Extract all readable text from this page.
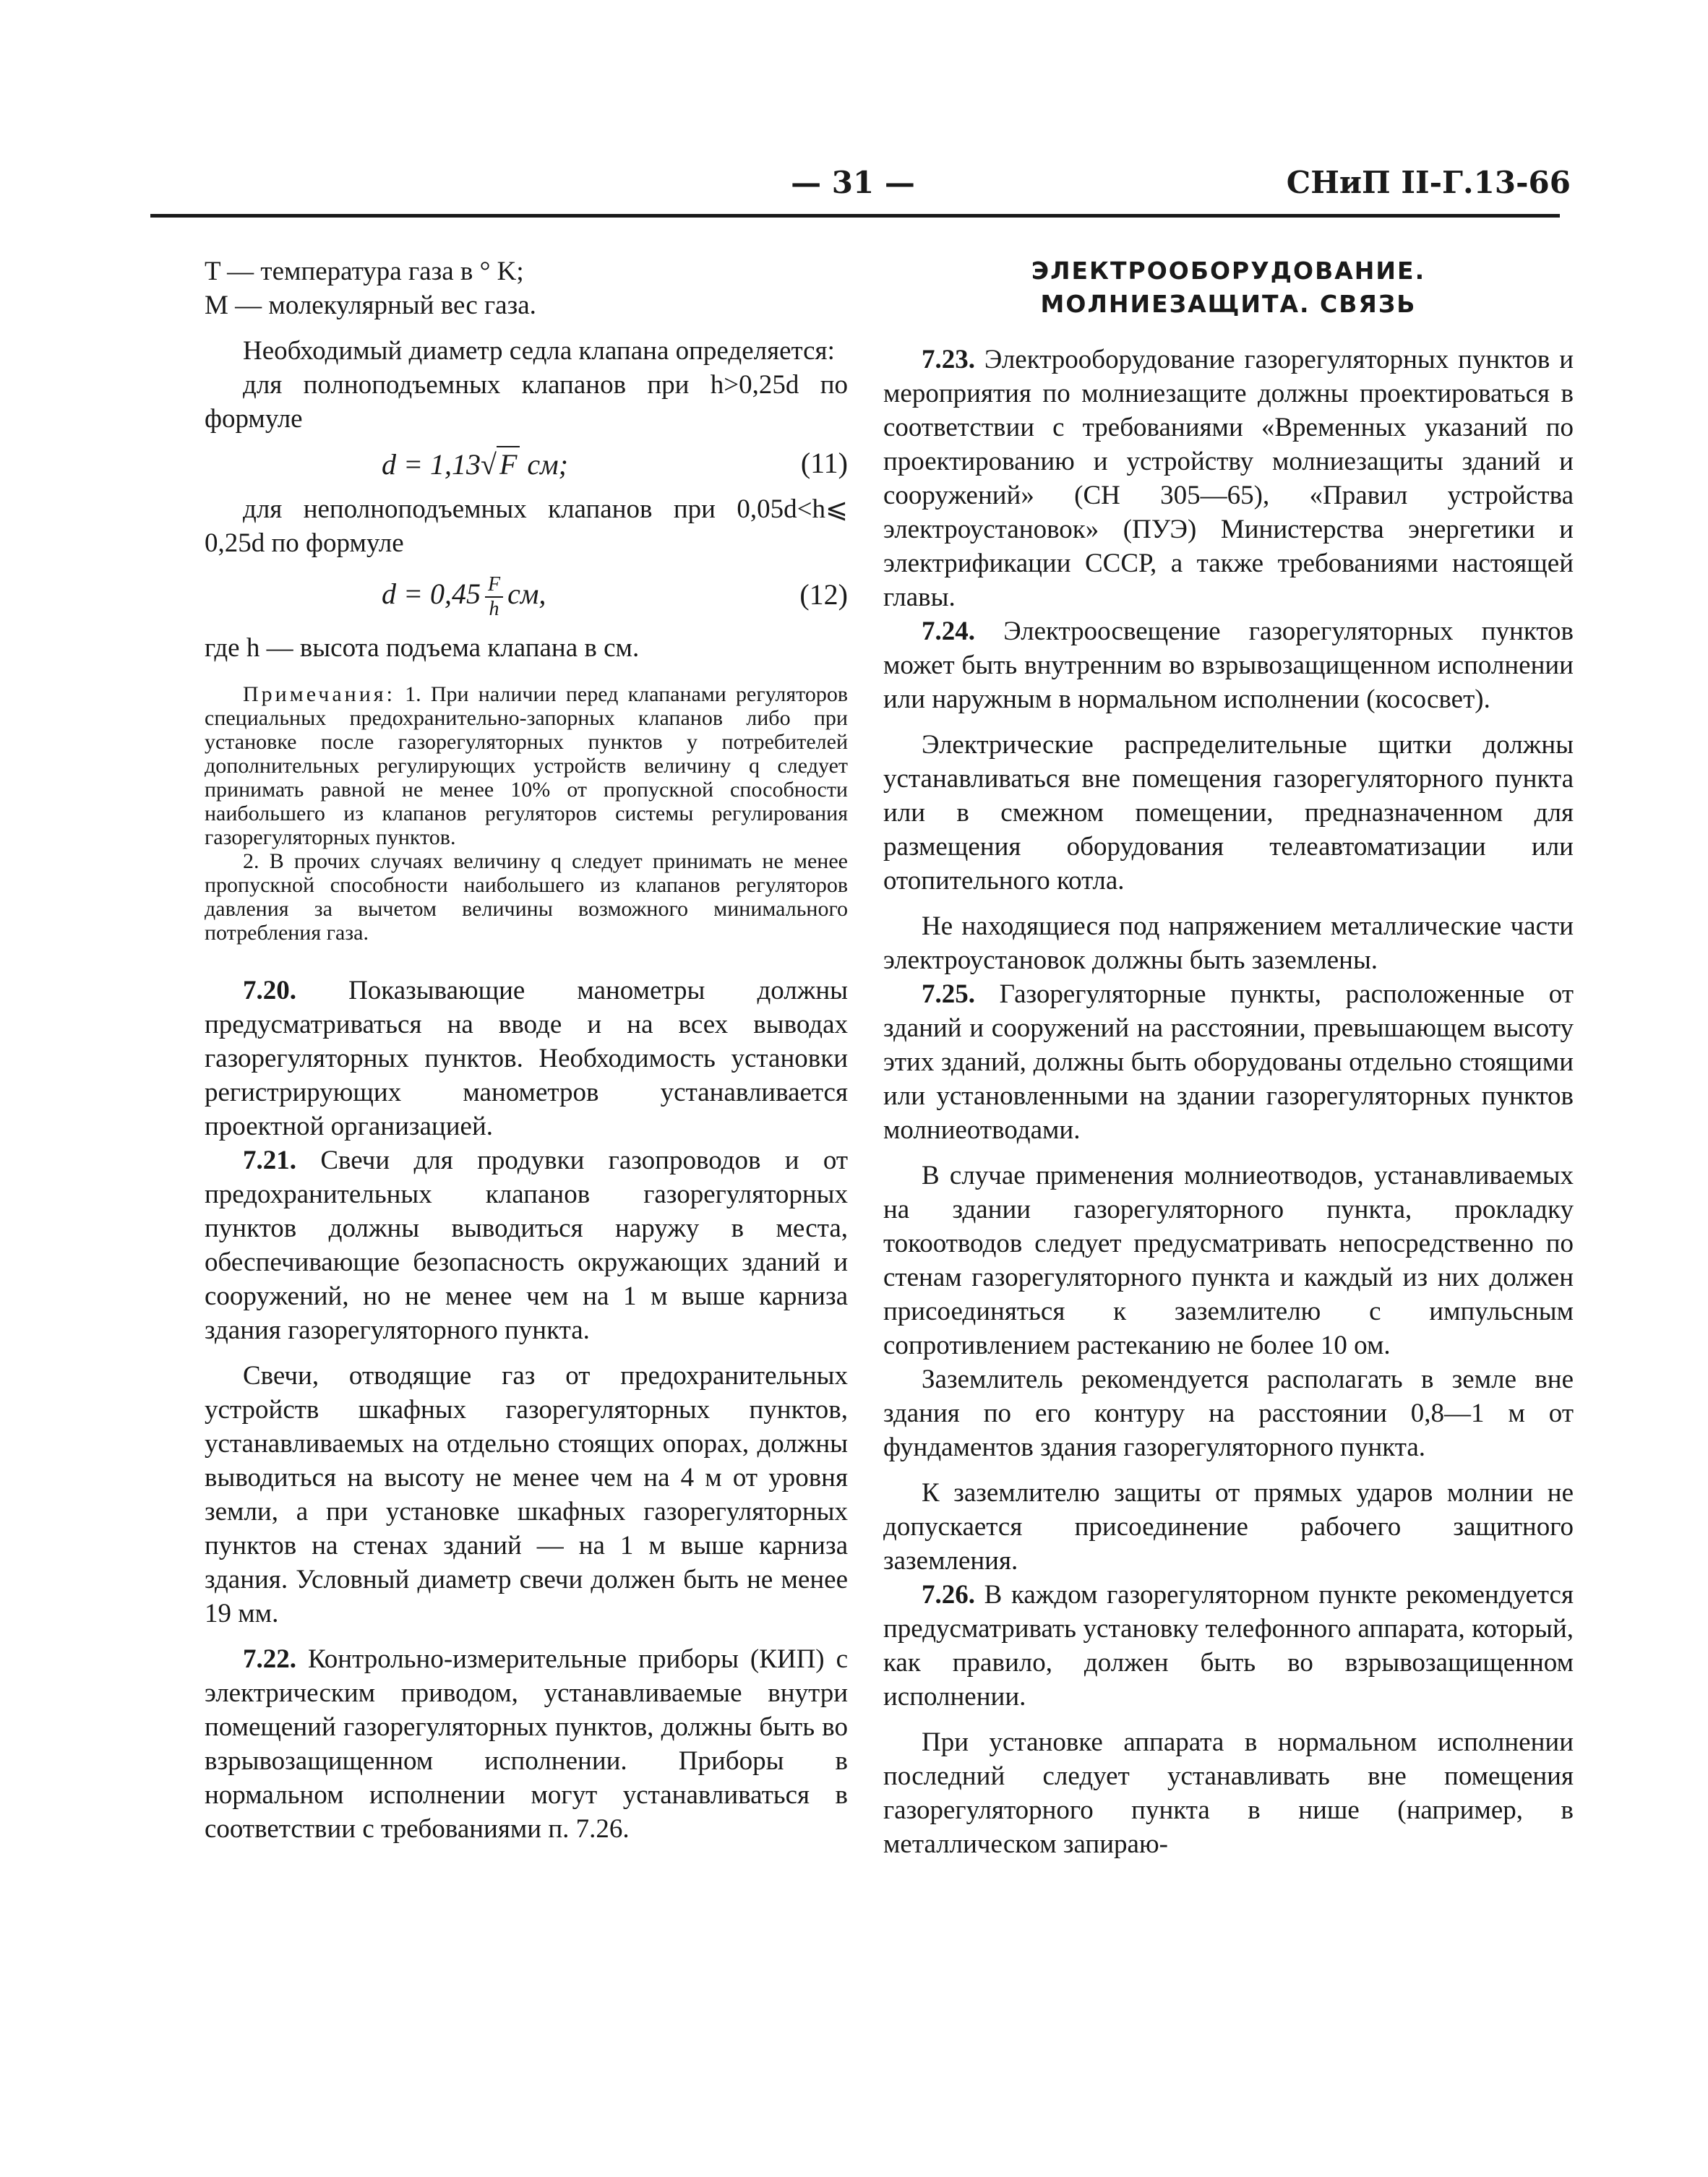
— 31 —	СНиП II-Г.13-66

T — температура газа в ° K;

M — молекулярный вес газа.

Необходимый диаметр седла клапана определяется:

для полноподъемных клапанов при h>0,25d по формуле

d = 1,13√ F см;	(11)

для неполноподъемных клапанов при 0,05d<h⩽ 0,25d по формуле

$d = 0,45 \frac{F}{h}$ см,	(12)

где h — высота подъема клапана в см.

Примечания: 1. При наличии перед клапанами регуляторов специальных предохранительно-запорных клапанов либо при установке после газорегуляторных пунктов у потребителей дополнительных регулирующих устройств величину q следует принимать равной не менее 10% от пропускной способности наибольшего из клапанов регуляторов системы регулирования газорегуляторных пунктов.

2. В прочих случаях величину q следует принимать не менее пропускной способности наибольшего из клапанов регуляторов давления за вычетом величины возможного минимального потребления газа.

7.20. Показывающие манометры должны предусматриваться на вводе и на всех выводах газорегуляторных пунктов. Необходимость установки регистрирующих манометров устанавливается проектной организацией.

7.21. Свечи для продувки газопроводов и от предохранительных клапанов газорегуляторных пунктов должны выводиться наружу в места, обеспечивающие безопасность окружающих зданий и сооружений, но не менее чем на 1 м выше карниза здания газорегуляторного пункта.

Свечи, отводящие газ от предохранительных устройств шкафных газорегуляторных пунктов, устанавливаемых на отдельно стоящих опорах, должны выводиться на высоту не менее чем на 4 м от уровня земли, а при установке шкафных газорегуляторных пунктов на стенах зданий — на 1 м выше карниза здания. Условный диаметр свечи должен быть не менее 19 мм.

7.22. Контрольно-измерительные приборы (КИП) с электрическим приводом, устанавливаемые внутри помещений газорегуляторных пунктов, должны быть во взрывозащищенном исполнении. Приборы в нормальном исполнении могут устанавливаться в соответствии с требованиями п. 7.26.

ЭЛЕКТРООБОРУДОВАНИЕ.
МОЛНИЕЗАЩИТА. СВЯЗЬ

7.23. Электрооборудование газорегуляторных пунктов и мероприятия по молниезащите должны проектироваться в соответствии с требованиями «Временных указаний по проектированию и устройству молниезащиты зданий и сооружений» (СН 305—65), «Правил устройства электроустановок» (ПУЭ) Министерства энергетики и электрификации СССР, а также требованиями настоящей главы.

7.24. Электроосвещение газорегуляторных пунктов может быть внутренним во взрывозащищенном исполнении или наружным в нормальном исполнении (кососвет).

Электрические распределительные щитки должны устанавливаться вне помещения газорегуляторного пункта или в смежном помещении, предназначенном для размещения оборудования телеавтоматизации или отопительного котла.

Не находящиеся под напряжением металлические части электроустановок должны быть заземлены.

7.25. Газорегуляторные пункты, расположенные от зданий и сооружений на расстоянии, превышающем высоту этих зданий, должны быть оборудованы отдельно стоящими или установленными на здании газорегуляторных пунктов молниеотводами.

В случае применения молниеотводов, устанавливаемых на здании газорегуляторного пункта, прокладку токоотводов следует предусматривать непосредственно по стенам газорегуляторного пункта и каждый из них должен присоединяться к заземлителю с импульсным сопротивлением растеканию не более 10 ом.

Заземлитель рекомендуется располагать в земле вне здания по его контуру на расстоянии 0,8—1 м от фундаментов здания газорегуляторного пункта.

К заземлителю защиты от прямых ударов молнии не допускается присоединение рабочего защитного заземления.

7.26. В каждом газорегуляторном пункте рекомендуется предусматривать установку телефонного аппарата, который, как правило, должен быть во взрывозащищенном исполнении.

При установке аппарата в нормальном исполнении последний следует устанавливать вне помещения газорегуляторного пункта в нише (например, в металлическом запираю-
